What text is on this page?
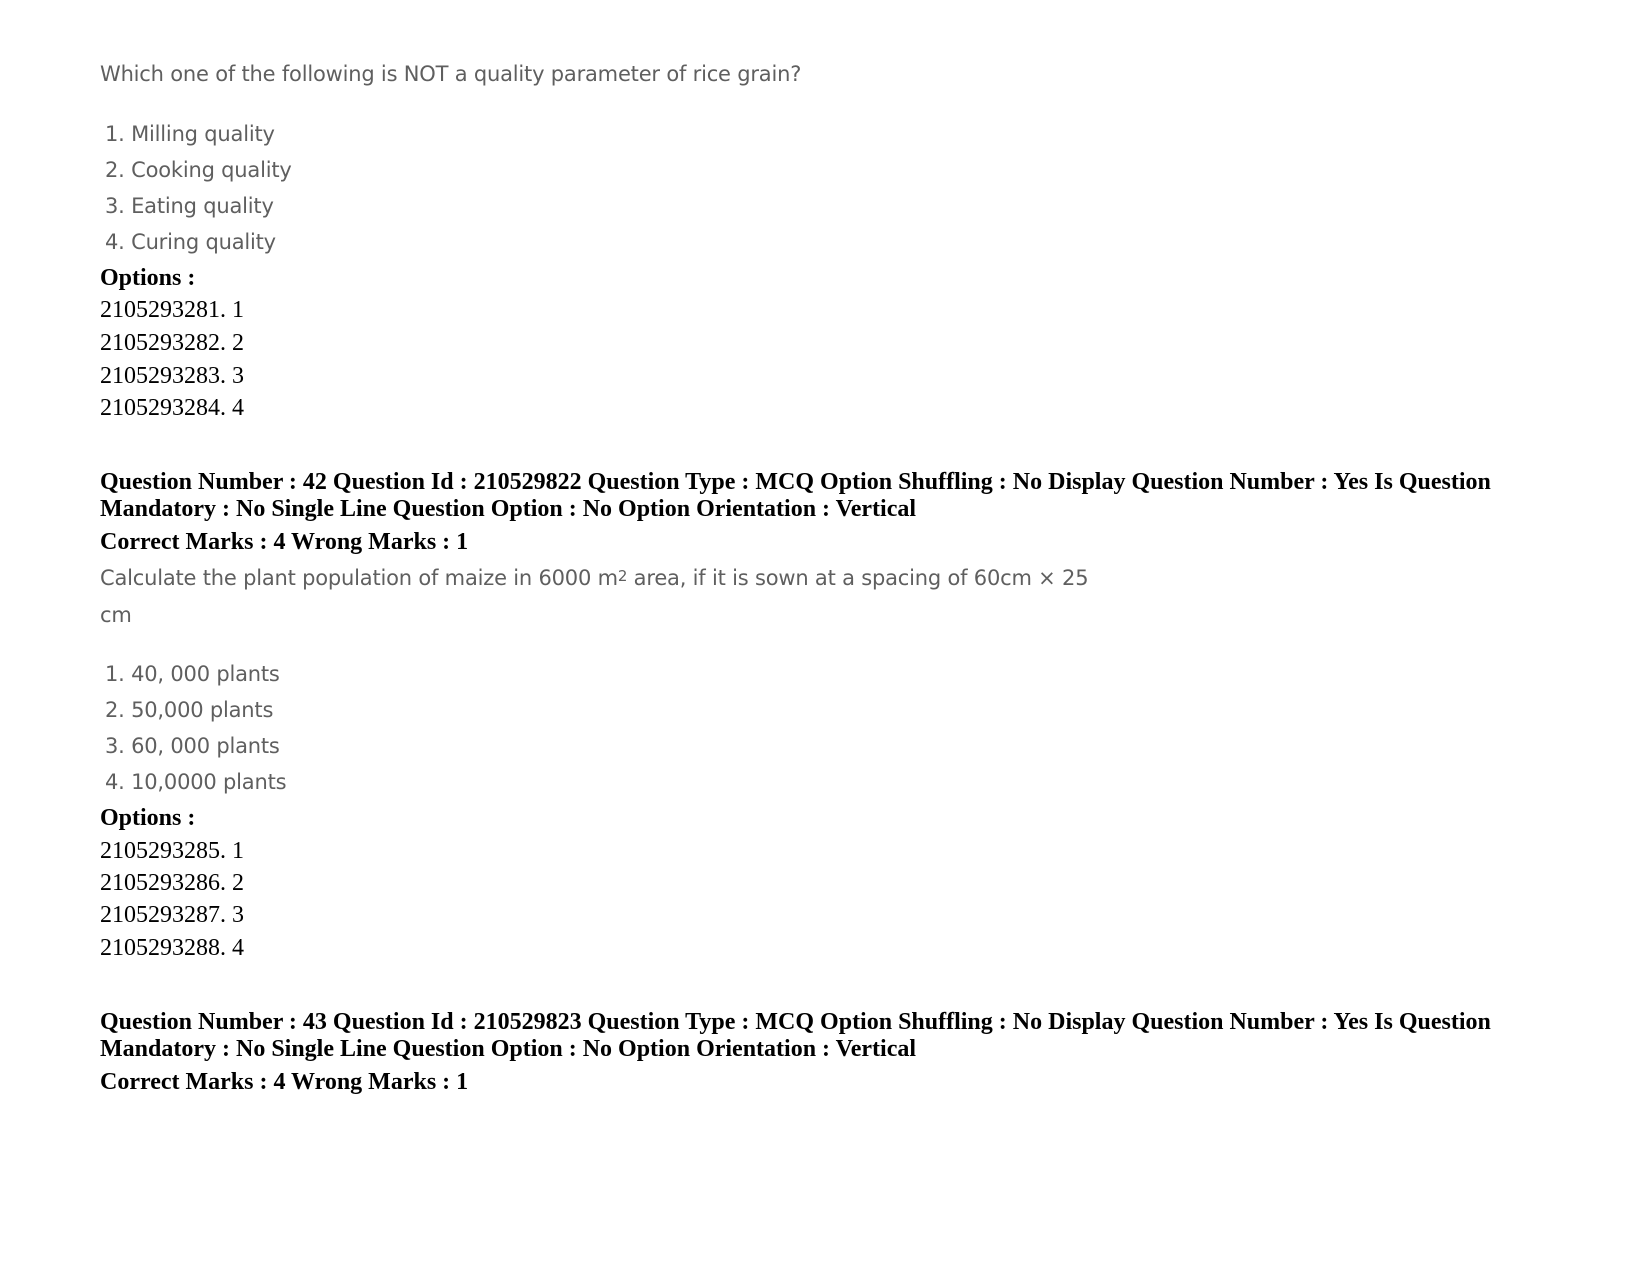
Which one of the following is NOT a quality parameter of rice grain?
1. Milling quality
2. Cooking quality
3. Eating quality
4. Curing quality
Options :
2105293281. 1
2105293282. 2
2105293283. 3
2105293284. 4
Question Number : 42 Question Id : 210529822 Question Type : MCQ Option Shuffling : No Display Question Number : Yes Is Question
Mandatory : No Single Line Question Option : No Option Orientation : Vertical
Correct Marks : 4 Wrong Marks : 1
Calculate the plant population of maize in 6000 $m^2$ area, if it is sown at a spacing of 60cm × 25
cm
1. 40, 000 plants
2. 50,000 plants
3. 60, 000 plants
4. 10,0000 plants
Options :
2105293285. 1
2105293286. 2
2105293287. 3
2105293288. 4
Question Number : 43 Question Id : 210529823 Question Type : MCQ Option Shuffling : No Display Question Number : Yes Is Question
Mandatory : No Single Line Question Option : No Option Orientation : Vertical
Correct Marks : 4 Wrong Marks : 1
